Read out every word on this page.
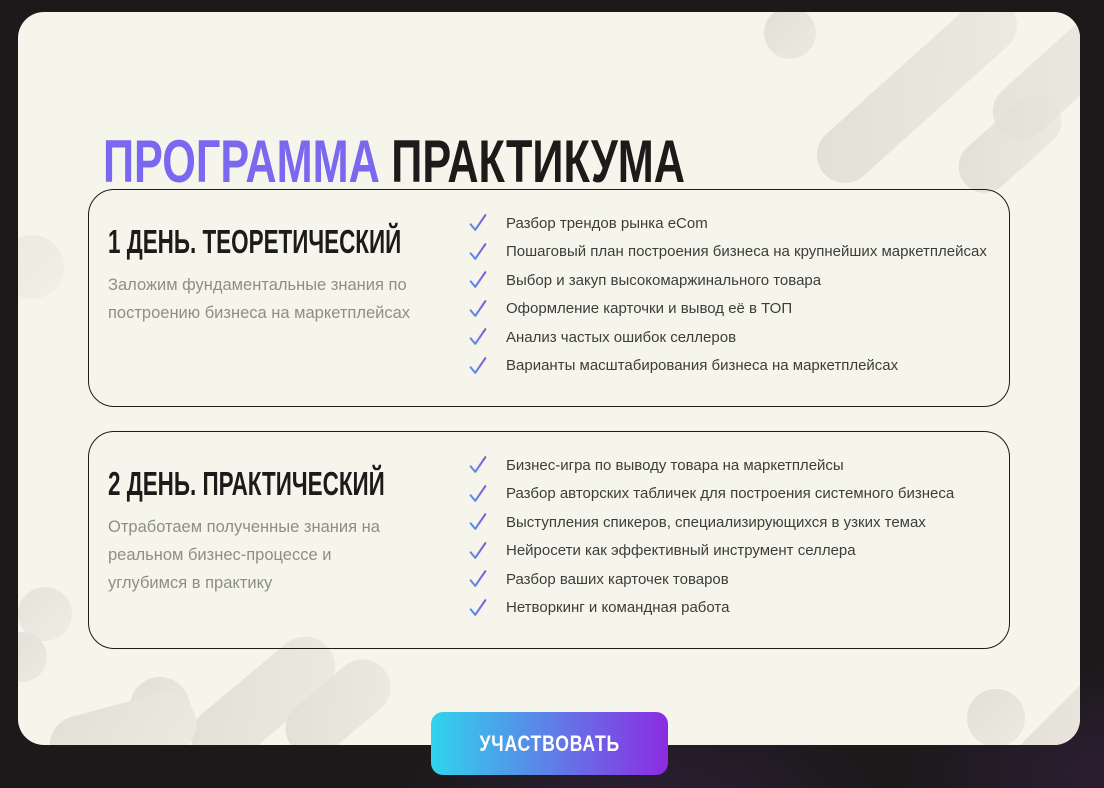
ПРОГРАММА ПРАКТИКУМА
1 ДЕНЬ. ТЕОРЕТИЧЕСКИЙ

Заложим фундаментальные знания по построению бизнеса на маркетплейсах

Разбор трендов рынка eCom
Пошаговый план построения бизнеса на крупнейших маркетплейсах
Выбор и закуп высокомаржинального товара
Оформление карточки и вывод её в ТОП
Анализ частых ошибок селлеров
Варианты масштабирования бизнеса на маркетплейсах
2 ДЕНЬ. ПРАКТИЧЕСКИЙ

Отработаем полученные знания на реальном бизнес-процессе и углубимся в практику

Бизнес-игра по выводу товара на маркетплейсы
Разбор авторских табличек для построения системного бизнеса
Выступления спикеров, специализирующихся в узких темах
Нейросети как эффективный инструмент селлера
Разбор ваших карточек товаров
Нетворкинг и командная работа
УЧАСТВОВАТЬ
